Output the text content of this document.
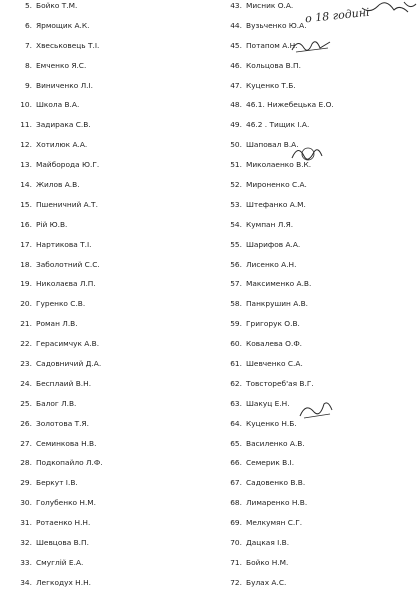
5. Бойко Т.М.
6. Ярмощик А.К.
7. Хвеськовець Т.І.
8. Емченко Я.С.
9. Виниченко Л.І.
10. Школа В.А.
11. Задирака С.В.
12. Хотилюк А.А.
13. Майборода Ю.Г.
14. Жилов А.В.
15. Пшеничний А.Т.
16. Рій Ю.В.
17. Нартикова Т.І.
18. Заболотний С.С.
19. Николаєва Л.П.
20. Гуренко С.В.
21. Роман Л.В.
22. Герасимчук А.В.
23. Садовничий Д.А.
24. Бесплаий В.Н.
25. Балог Л.В.
26. Золотова Т.Я.
27. Семинкова Н.В.
28. Подкопайло Л.Ф.
29. Беркут І.В.
30. Голубенко Н.М.
31. Ротаенко Н.Н.
32. Шевцова В.П.
33. Смуглій Е.А.
34. Легкодух Н.Н.
43. Мисник О.А.
44. Вузьченко Ю.А.
45. Потапом А.Н.
46. Кольцова В.П.
47. Куценко Т.Б.
48. 46.1. Нижебецька Е.О.
49. 46.2 . Тищик І.А.
50. Шаповал В.А.
51. Миколаенко В.К.
52. Мироненко С.А.
53. Штефанко А.М.
54. Кумпан Л.Я.
55. Шарифов А.А.
56. Лисенко А.Н.
57. Максименко А.В.
58. Панкрушин А.В.
59. Григорук О.В.
60. Ковалева О.Ф.
61. Шевченко С.А.
62. Товстореб'ая В.Г.
63. Шакуц Е.Н.
64. Куценко Н.Б.
65. Василенко А.В.
66. Семерик В.І.
67. Садовенко В.В.
68. Лимаренко Н.В.
69. Мелкумян С.Г.
70. Дацкая І.В.
71. Бойко Н.М.
72. Булах А.С.
о 18 годині
